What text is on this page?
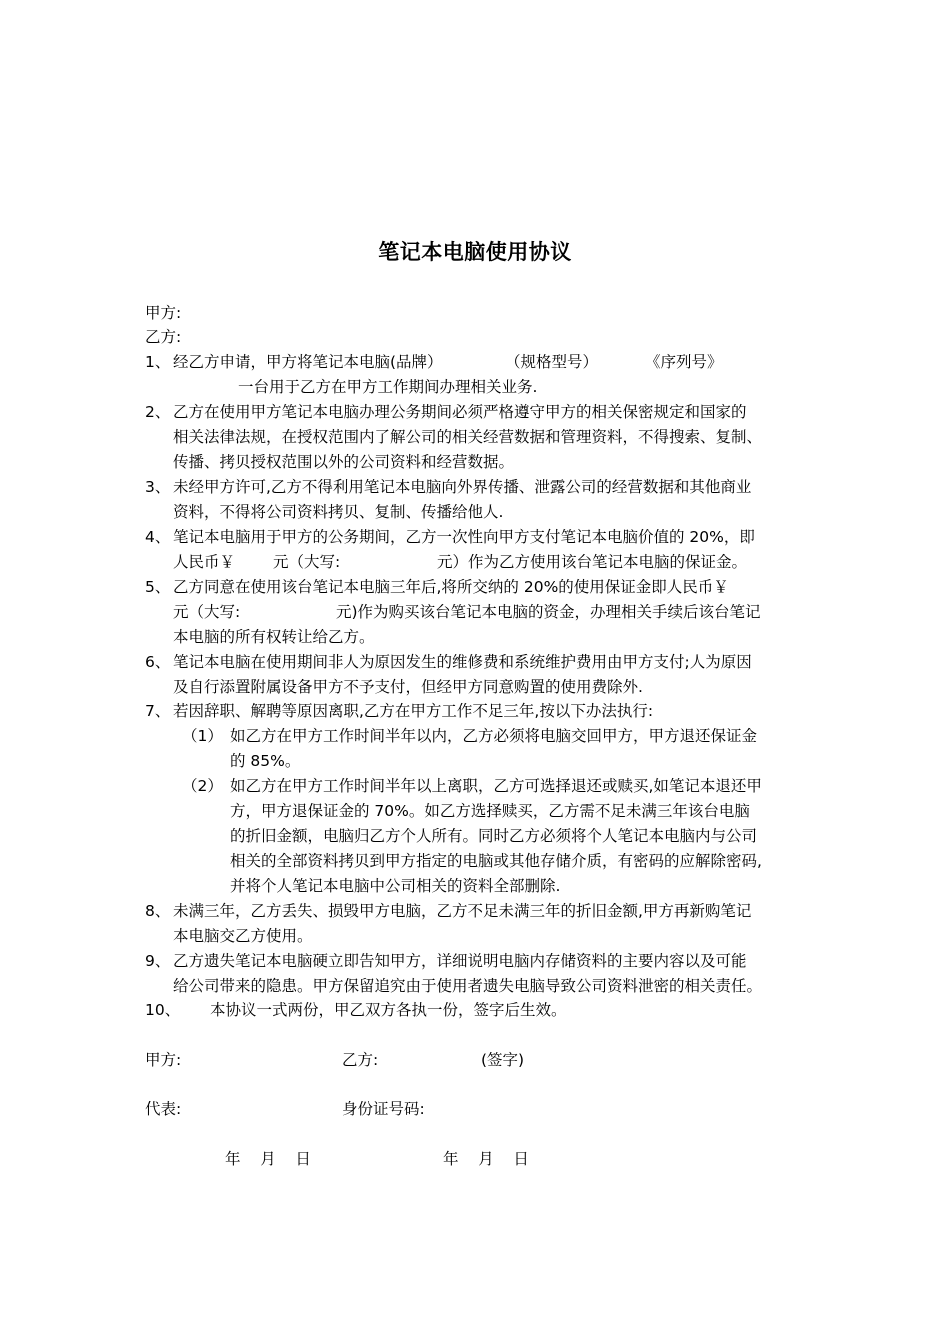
笔记本电脑使用协议
甲方:
乙方:
1、 经乙方申请，甲方将笔记本电脑(品牌）	（规格型号）	《序列号》
一台用于乙方在甲方工作期间办理相关业务.
2、 乙方在使用甲方笔记本电脑办理公务期间必须严格遵守甲方的相关保密规定和国家的
相关法律法规，在授权范围内了解公司的相关经营数据和管理资料，不得搜索、复制、
传播、拷贝授权范围以外的公司资料和经营数据。
3、 未经甲方许可,乙方不得利用笔记本电脑向外界传播、泄露公司的经营数据和其他商业
资料，不得将公司资料拷贝、复制、传播给他人.
4、 笔记本电脑用于甲方的公务期间，乙方一次性向甲方支付笔记本电脑价值的 20%，即
人民币￥ 元（大写:	元）作为乙方使用该台笔记本电脑的保证金。
5、 乙方同意在使用该台笔记本电脑三年后,将所交纳的 20%的使用保证金即人民币￥
元（大写:	元)作为购买该台笔记本电脑的资金，办理相关手续后该台笔记
本电脑的所有权转让给乙方。
6、 笔记本电脑在使用期间非人为原因发生的维修费和系统维护费用由甲方支付;人为原因
及自行添置附属设备甲方不予支付，但经甲方同意购置的使用费除外.
7、 若因辞职、解聘等原因离职,乙方在甲方工作不足三年,按以下办法执行:
（1） 如乙方在甲方工作时间半年以内，乙方必须将电脑交回甲方，甲方退还保证金
的 85%。
（2） 如乙方在甲方工作时间半年以上离职，乙方可选择退还或赎买,如笔记本退还甲
方，甲方退保证金的 70%。如乙方选择赎买，乙方需不足未满三年该台电脑
的折旧金额，电脑归乙方个人所有。同时乙方必须将个人笔记本电脑内与公司
相关的全部资料拷贝到甲方指定的电脑或其他存储介质，有密码的应解除密码,
并将个人笔记本电脑中公司相关的资料全部删除.
8、 未满三年，乙方丢失、损毁甲方电脑，乙方不足未满三年的折旧金额,甲方再新购笔记
本电脑交乙方使用。
9、 乙方遗失笔记本电脑硬立即告知甲方，详细说明电脑内存储资料的主要内容以及可能
给公司带来的隐患。甲方保留追究由于使用者遗失电脑导致公司资料泄密的相关责任。
10、 本协议一式两份，甲乙双方各执一份，签字后生效。
甲方:	乙方:	(签字)
代表:	身份证号码:
年    月    日	年    月    日
